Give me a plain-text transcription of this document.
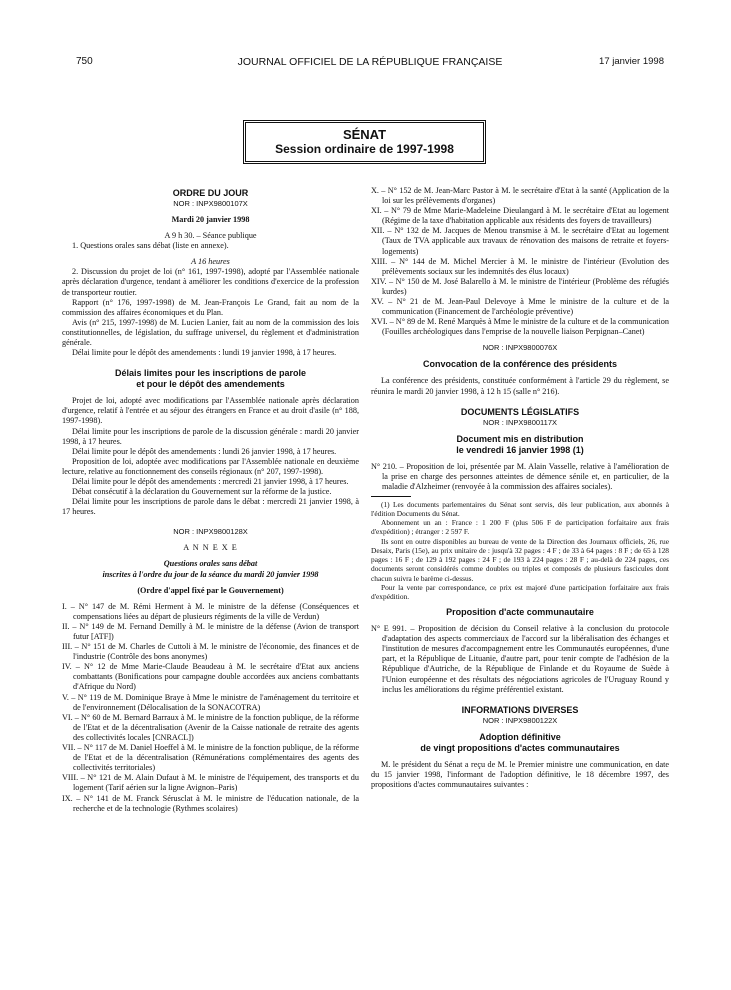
750	JOURNAL OFFICIEL DE LA RÉPUBLIQUE FRANÇAISE	17 janvier 1998
SÉNAT
Session ordinaire de 1997-1998
ORDRE DU JOUR
NOR : INPX9800107X
Mardi 20 janvier 1998
A 9 h 30. – Séance publique

1. Questions orales sans débat (liste en annexe).

A 16 heures

2. Discussion du projet de loi (n° 161, 1997-1998), adopté par l'Assemblée nationale après déclaration d'urgence, tendant à améliorer les conditions d'exercice de la profession de transporteur routier.

Rapport (n° 176, 1997-1998) de M. Jean-François Le Grand, fait au nom de la commission des affaires économiques et du Plan.

Avis (n° 215, 1997-1998) de M. Lucien Lanier, fait au nom de la commission des lois constitutionnelles, de législation, du suffrage universel, du règlement et d'administration générale.

Délai limite pour le dépôt des amendements : lundi 19 janvier 1998, à 17 heures.

Délais limites pour les inscriptions de parole
et pour le dépôt des amendements

Projet de loi, adopté avec modifications par l'Assemblée nationale après déclaration d'urgence, relatif à l'entrée et au séjour des étrangers en France et au droit d'asile (n° 188, 1997-1998).

Délai limite pour les inscriptions de parole de la discussion générale : mardi 20 janvier 1998, à 17 heures.

Délai limite pour le dépôt des amendements : lundi 26 janvier 1998, à 17 heures.

Proposition de loi, adoptée avec modifications par l'Assemblée nationale en deuxième lecture, relative au fonctionnement des conseils régionaux (n° 207, 1997-1998).

Délai limite pour le dépôt des amendements : mercredi 21 janvier 1998, à 17 heures.

Débat consécutif à la déclaration du Gouvernement sur la réforme de la justice.

Délai limite pour les inscriptions de parole dans le débat : mercredi 21 janvier 1998, à 17 heures.

NOR : INPX9800128X
A N N E X E
Questions orales sans débat
inscrites à l'ordre du jour de la séance du mardi 20 janvier 1998
(Ordre d'appel fixé par le Gouvernement)

I. – N° 147 de M. Rémi Herment à M. le ministre de la défense (Conséquences et compensations liées au départ de plusieurs régiments de la ville de Verdun)

II. – N° 149 de M. Fernand Demilly à M. le ministre de la défense (Avion de transport futur [ATF])

III. – N° 151 de M. Charles de Cuttoli à M. le ministre de l'économie, des finances et de l'industrie (Contrôle des bons anonymes)

IV. – N° 12 de Mme Marie-Claude Beaudeau à M. le secrétaire d'Etat aux anciens combattants (Bonifications pour campagne double accordées aux anciens combattants d'Afrique du Nord)

V. – N° 119 de M. Dominique Braye à Mme le ministre de l'aménagement du territoire et de l'environnement (Délocalisation de la SONACOTRA)

VI. – N° 60 de M. Bernard Barraux à M. le ministre de la fonction publique, de la réforme de l'Etat et de la décentralisation (Avenir de la Caisse nationale de retraite des agents des collectivités locales [CNRACL])

VII. – N° 117 de M. Daniel Hoeffel à M. le ministre de la fonction publique, de la réforme de l'Etat et de la décentralisation (Rémunérations complémentaires des agents des collectivités territoriales)

VIII. – N° 121 de M. Alain Dufaut à M. le ministre de l'équipement, des transports et du logement (Tarif aérien sur la ligne Avignon–Paris)

IX. – N° 141 de M. Franck Sérusclat à M. le ministre de l'éducation nationale, de la recherche et de la technologie (Rythmes scolaires)

X. – N° 152 de M. Jean-Marc Pastor à M. le secrétaire d'Etat à la santé (Application de la loi sur les prélèvements d'organes)

XI. – N° 79 de Mme Marie-Madeleine Dieulangard à M. le secrétaire d'Etat au logement (Régime de la taxe d'habitation applicable aux résidents des foyers de travailleurs)

XII. – N° 132 de M. Jacques de Menou transmise à M. le secrétaire d'Etat au logement (Taux de TVA applicable aux travaux de rénovation des maisons de retraite et foyers-logements)

XIII. – N° 144 de M. Michel Mercier à M. le ministre de l'intérieur (Evolution des prélèvements sociaux sur les indemnités des élus locaux)

XIV. – N° 150 de M. José Balarello à M. le ministre de l'intérieur (Problème des réfugiés kurdes)

XV. – N° 21 de M. Jean-Paul Delevoye à Mme le ministre de la culture et de la communication (Financement de l'archéologie préventive)

XVI. – N° 89 de M. René Marquès à Mme le ministre de la culture et de la communication (Fouilles archéologiques dans l'emprise de la nouvelle liaison Perpignan–Canet)

NOR : INPX9800076X
Convocation de la conférence des présidents

La conférence des présidents, constituée conformément à l'article 29 du règlement, se réunira le mardi 20 janvier 1998, à 12 h 15 (salle n° 216).

DOCUMENTS LÉGISLATIFS
NOR : INPX9800117X
Document mis en distribution
le vendredi 16 janvier 1998 (1)

N° 210. – Proposition de loi, présentée par M. Alain Vasselle, relative à l'amélioration de la prise en charge des personnes atteintes de démence sénile et, en particulier, de la maladie d'Alzheimer (renvoyée à la commission des affaires sociales).

(1) Les documents parlementaires du Sénat sont servis, dès leur publication, aux abonnés à l'édition Documents du Sénat.

Abonnement un an : France : 1 200 F (plus 506 F de participation forfaitaire aux frais d'expédition) ; étranger : 2 597 F.

Ils sont en outre disponibles au bureau de vente de la Direction des Journaux officiels, 26, rue Desaix, Paris (15e), au prix unitaire de : jusqu'à 32 pages : 4 F ; de 33 à 64 pages : 8 F ; de 65 à 128 pages : 16 F ; de 129 à 192 pages : 24 F ; de 193 à 224 pages : 28 F ; au-delà de 224 pages, ces documents seront considérés comme doubles ou triples et composés de plusieurs fascicules dont chacun suivra le barème ci-dessus.

Pour la vente par correspondance, ce prix est majoré d'une participation forfaitaire aux frais d'expédition.

Proposition d'acte communautaire

N° E 991. – Proposition de décision du Conseil relative à la conclusion du protocole d'adaptation des aspects commerciaux de l'accord sur la libéralisation des échanges et l'institution de mesures d'accompagnement entre les Communautés européennes, d'une part, et la République de Lituanie, d'autre part, pour tenir compte de l'adhésion de la République d'Autriche, de la République de Finlande et du Royaume de Suède à l'Union européenne et des résultats des négociations agricoles de l'Uruguay Round y inclus les améliorations du régime préférentiel existant.

INFORMATIONS DIVERSES
NOR : INPX9800122X
Adoption définitive
de vingt propositions d'actes communautaires

M. le président du Sénat a reçu de M. le Premier ministre une communication, en date du 15 janvier 1998, l'informant de l'adoption définitive, le 18 décembre 1997, des propositions d'actes communautaires suivantes :
